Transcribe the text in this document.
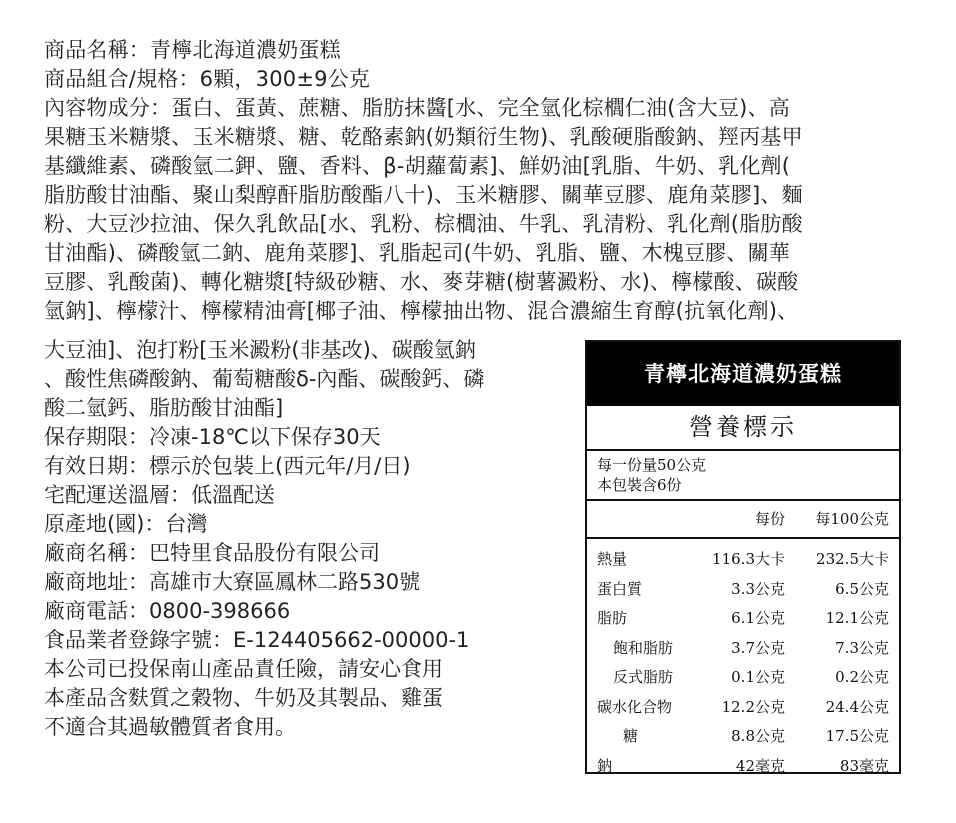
商品名稱：青檸北海道濃奶蛋糕
商品組合/規格：6顆，300±9公克
內容物成分：蛋白、蛋黃、蔗糖、脂肪抹醬[水、完全氫化棕櫚仁油(含大豆)、高
果糖玉米糖漿、玉米糖漿、糖、乾酪素鈉(奶類衍生物)、乳酸硬脂酸鈉、羥丙基甲
基纖維素、磷酸氫二鉀、鹽、香料、β-胡蘿蔔素]、鮮奶油[乳脂、牛奶、乳化劑(
脂肪酸甘油酯、聚山梨醇酐脂肪酸酯八十)、玉米糖膠、關華豆膠、鹿角菜膠]、麵
粉、大豆沙拉油、保久乳飲品[水、乳粉、棕櫚油、牛乳、乳清粉、乳化劑(脂肪酸
甘油酯)、磷酸氫二鈉、鹿角菜膠]、乳脂起司(牛奶、乳脂、鹽、木槐豆膠、關華
豆膠、乳酸菌)、轉化糖漿[特級砂糖、水、麥芽糖(樹薯澱粉、水)、檸檬酸、碳酸
氫鈉]、檸檬汁、檸檬精油膏[椰子油、檸檬抽出物、混合濃縮生育醇(抗氧化劑)、
大豆油]、泡打粉[玉米澱粉(非基改)、碳酸氫鈉
、酸性焦磷酸鈉、葡萄糖酸δ-內酯、碳酸鈣、磷
酸二氫鈣、脂肪酸甘油酯]
保存期限：冷凍-18℃以下保存30天
有效日期：標示於包裝上(西元年/月/日)
宅配運送溫層：低溫配送
原產地(國)：台灣
廠商名稱：巴特里食品股份有限公司
廠商地址：高雄市大寮區鳳林二路530號
廠商電話：0800-398666
食品業者登錄字號：E-124405662-00000-1
本公司已投保南山產品責任險，請安心食用
本產品含麩質之穀物、牛奶及其製品、雞蛋
不適合其過敏體質者食用。
青檸北海道濃奶蛋糕
營養標示
每一份量50公克
本包裝含6份
每份	每100公克
熱量	116.3大卡	232.5大卡
蛋白質	3.3公克	6.5公克
脂肪	6.1公克	12.1公克
飽和脂肪	3.7公克	7.3公克
反式脂肪	0.1公克	0.2公克
碳水化合物	12.2公克	24.4公克
糖	8.8公克	17.5公克
鈉	42毫克	83毫克
